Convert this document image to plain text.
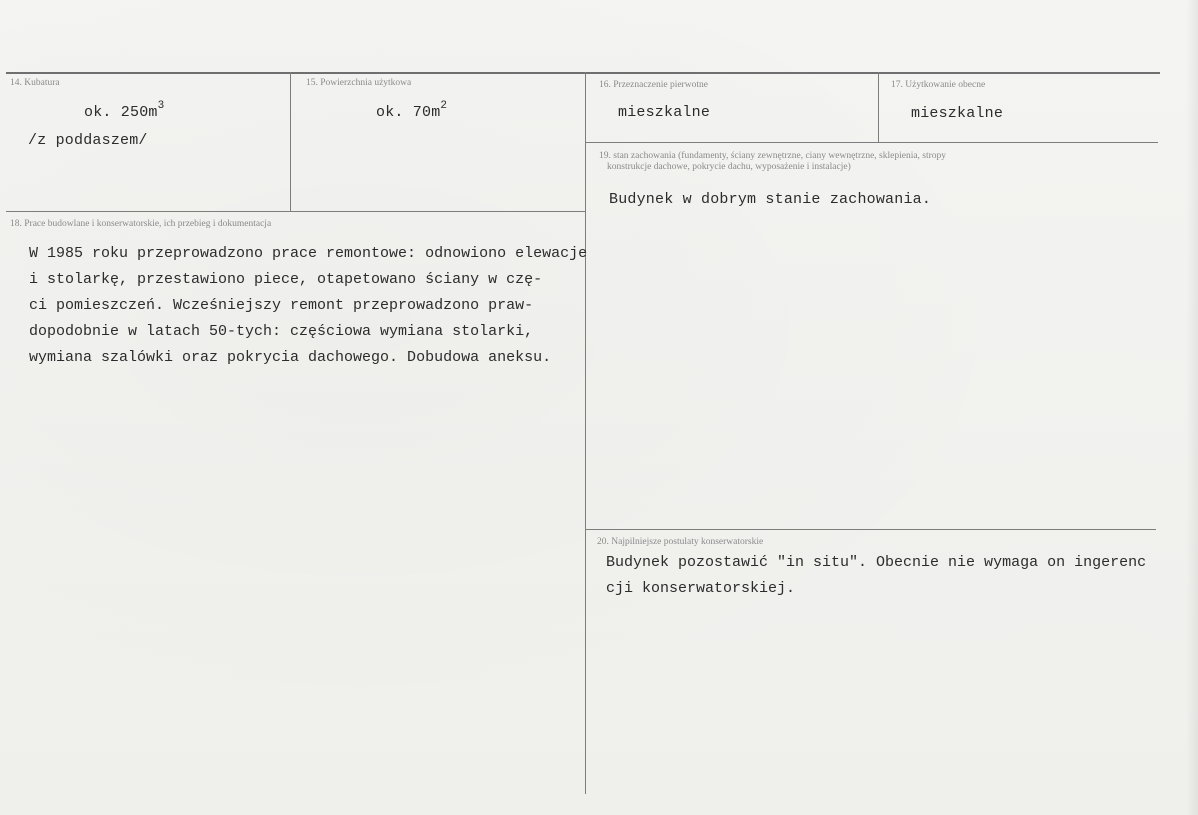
14. Kubatura
ok. $250m^3$
/z poddaszem/
15. Powierzchnia użytkowa
ok. $70m^2$
16. Przeznaczenie pierwotne
mieszkalne
17. Użytkowanie obecne
mieszkalne
19. stan zachowania (fundamenty, ściany zewnętrzne, ciany wewnętrzne, sklepienia, stropy
konstrukcje dachowe, pokrycie dachu, wyposażenie i instalacje)
Budynek w dobrym stanie zachowania.
18. Prace budowlane i konserwatorskie, ich przebieg i dokumentacja
W 1985 roku przeprowadzono prace remontowe: odnowiono elewacje
i stolarkę, przestawiono piece, otapetowano ściany w czę-
ci pomieszczeń. Wcześniejszy remont przeprowadzono praw-
dopodobnie w latach 50-tych: częściowa wymiana stolarki,
wymiana szalówki oraz pokrycia dachowego. Dobudowa aneksu.
20. Najpilniejsze postulaty konserwatorskie
Budynek pozostawić "in situ". Obecnie nie wymaga on ingerenc
cji konserwatorskiej.
